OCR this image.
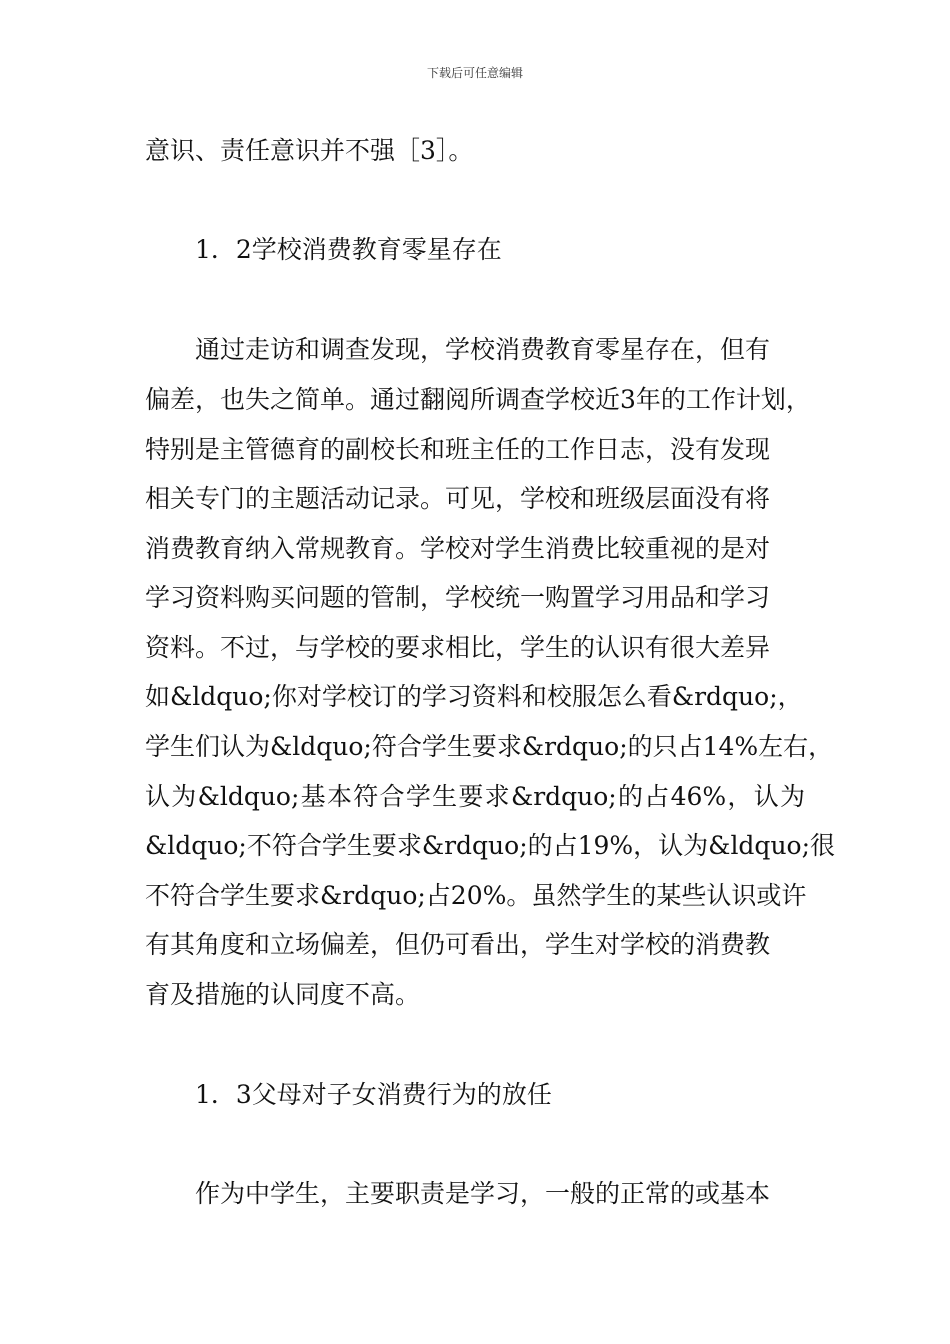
下载后可任意编辑
意识、责任意识并不强［3］。
1．2学校消费教育零星存在
通过走访和调查发现，学校消费教育零星存在，但有
偏差，也失之简单。通过翻阅所调查学校近3年的工作计划，
特别是主管德育的副校长和班主任的工作日志，没有发现
相关专门的主题活动记录。可见，学校和班级层面没有将
消费教育纳入常规教育。学校对学生消费比较重视的是对
学习资料购买问题的管制，学校统一购置学习用品和学习
资料。不过，与学校的要求相比，学生的认识有很大差异
如&ldquo;你对学校订的学习资料和校服怎么看&rdquo;，
学生们认为&ldquo;符合学生要求&rdquo;的只占14%左右，
认为&ldquo;基本符合学生要求&rdquo;的占46%，认为
&ldquo;不符合学生要求&rdquo;的占19%，认为&ldquo;很
不符合学生要求&rdquo;占20%。虽然学生的某些认识或许
有其角度和立场偏差，但仍可看出，学生对学校的消费教
育及措施的认同度不高。
1．3父母对子女消费行为的放任
作为中学生，主要职责是学习，一般的正常的或基本
